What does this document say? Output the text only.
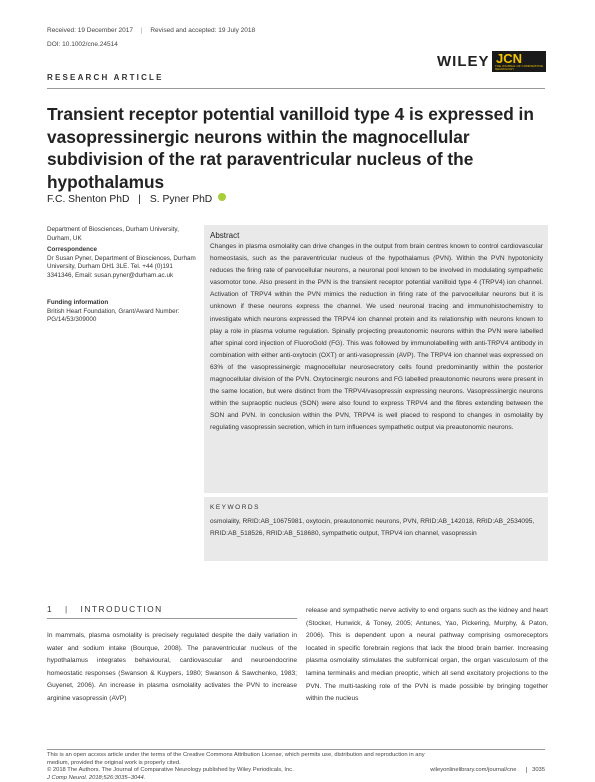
Received: 19 December 2017 | Revised and accepted: 19 July 2018
DOI: 10.1002/cne.24514
WILEY JCN
THE JOURNAL OF COMPARATIVE NEUROLOGY
RESEARCH ARTICLE
Transient receptor potential vanilloid type 4 is expressed in vasopressinergic neurons within the magnocellular subdivision of the rat paraventricular nucleus of the hypothalamus
F.C. Shenton PhD | S. Pyner PhD
Department of Biosciences, Durham University, Durham, UK
Correspondence
Dr Susan Pyner, Department of Biosciences, Durham University, Durham DH1 3LE. Tel. +44 (0)191 3341346, Email: susan.pyner@durham.ac.uk
Funding information
British Heart Foundation, Grant/Award Number: PG/14/53/309000
Abstract
Changes in plasma osmolality can drive changes in the output from brain centres known to control cardiovascular homeostasis, such as the paraventricular nucleus of the hypothalamus (PVN). Within the PVN hypotonicity reduces the firing rate of parvocellular neurons, a neuronal pool known to be involved in modulating sympathetic vasomotor tone. Also present in the PVN is the transient receptor potential vanilloid type 4 (TRPV4) ion channel. Activation of TRPV4 within the PVN mimics the reduction in firing rate of the parvocellular neurons but it is unknown if these neurons express the channel. We used neuronal tracing and immunohistochemistry to investigate which neurons expressed the TRPV4 ion channel protein and its relationship with neurons known to play a role in plasma volume regulation. Spinally projecting preautonomic neurons within the PVN were labelled after spinal cord injection of FluoroGold (FG). This was followed by immunolabelling with anti-TRPV4 antibody in combination with either anti-oxytocin (OXT) or anti-vasopressin (AVP). The TRPV4 ion channel was expressed on 63% of the vasopressinergic magnocellular neurosecretory cells found predominantly within the posterior magnocellular division of the PVN. Oxytocinergic neurons and FG labelled preautonomic neurons were present in the same location, but were distinct from the TRPV4/vasopressin expressing neurons. Vasopressinergic neurons within the supraoptic nucleus (SON) were also found to express TRPV4 and the fibres extending between the SON and PVN. In conclusion within the PVN, TRPV4 is well placed to respond to changes in osmolality by regulating vasopressin secretion, which in turn influences sympathetic output via preautonomic neurons.
KEYWORDS
osmolality, RRID:AB_10675981, oxytocin, preautonomic neurons, PVN, RRID:AB_142018, RRID:AB_2534095, RRID:AB_518526, RRID:AB_518680, sympathetic output, TRPV4 ion channel, vasopressin
1 | INTRODUCTION
In mammals, plasma osmolality is precisely regulated despite the daily variation in water and sodium intake (Bourque, 2008). The paraventricular nucleus of the hypothalamus integrates behavioural, cardiovascular and neuroendocrine homeostatic responses (Swanson & Kuypers, 1980; Swanson & Sawchenko, 1983; Guyenet, 2006). An increase in plasma osmolality activates the PVN to increase arginine vasopressin (AVP)
release and sympathetic nerve activity to end organs such as the kidney and heart (Stocker, Hunwick, & Toney, 2005; Antunes, Yao, Pickering, Murphy, & Paton, 2006). This is dependent upon a neural pathway comprising osmoreceptors located in specific forebrain regions that lack the blood brain barrier. Increasing plasma osmolality stimulates the subfornical organ, the organ vasculosum of the lamina terminalis and median preoptic, which all send excitatory projections to the PVN. The multi-tasking role of the PVN is made possible by bringing together within the nucleus
This is an open access article under the terms of the Creative Commons Attribution License, which permits use, distribution and reproduction in any medium, provided the original work is properly cited.
© 2018 The Authors. The Journal of Comparative Neurology published by Wiley Periodicals, Inc.
J Comp Neurol. 2018;526:3035–3044.
wileyonlinelibrary.com/journal/cne	3035
